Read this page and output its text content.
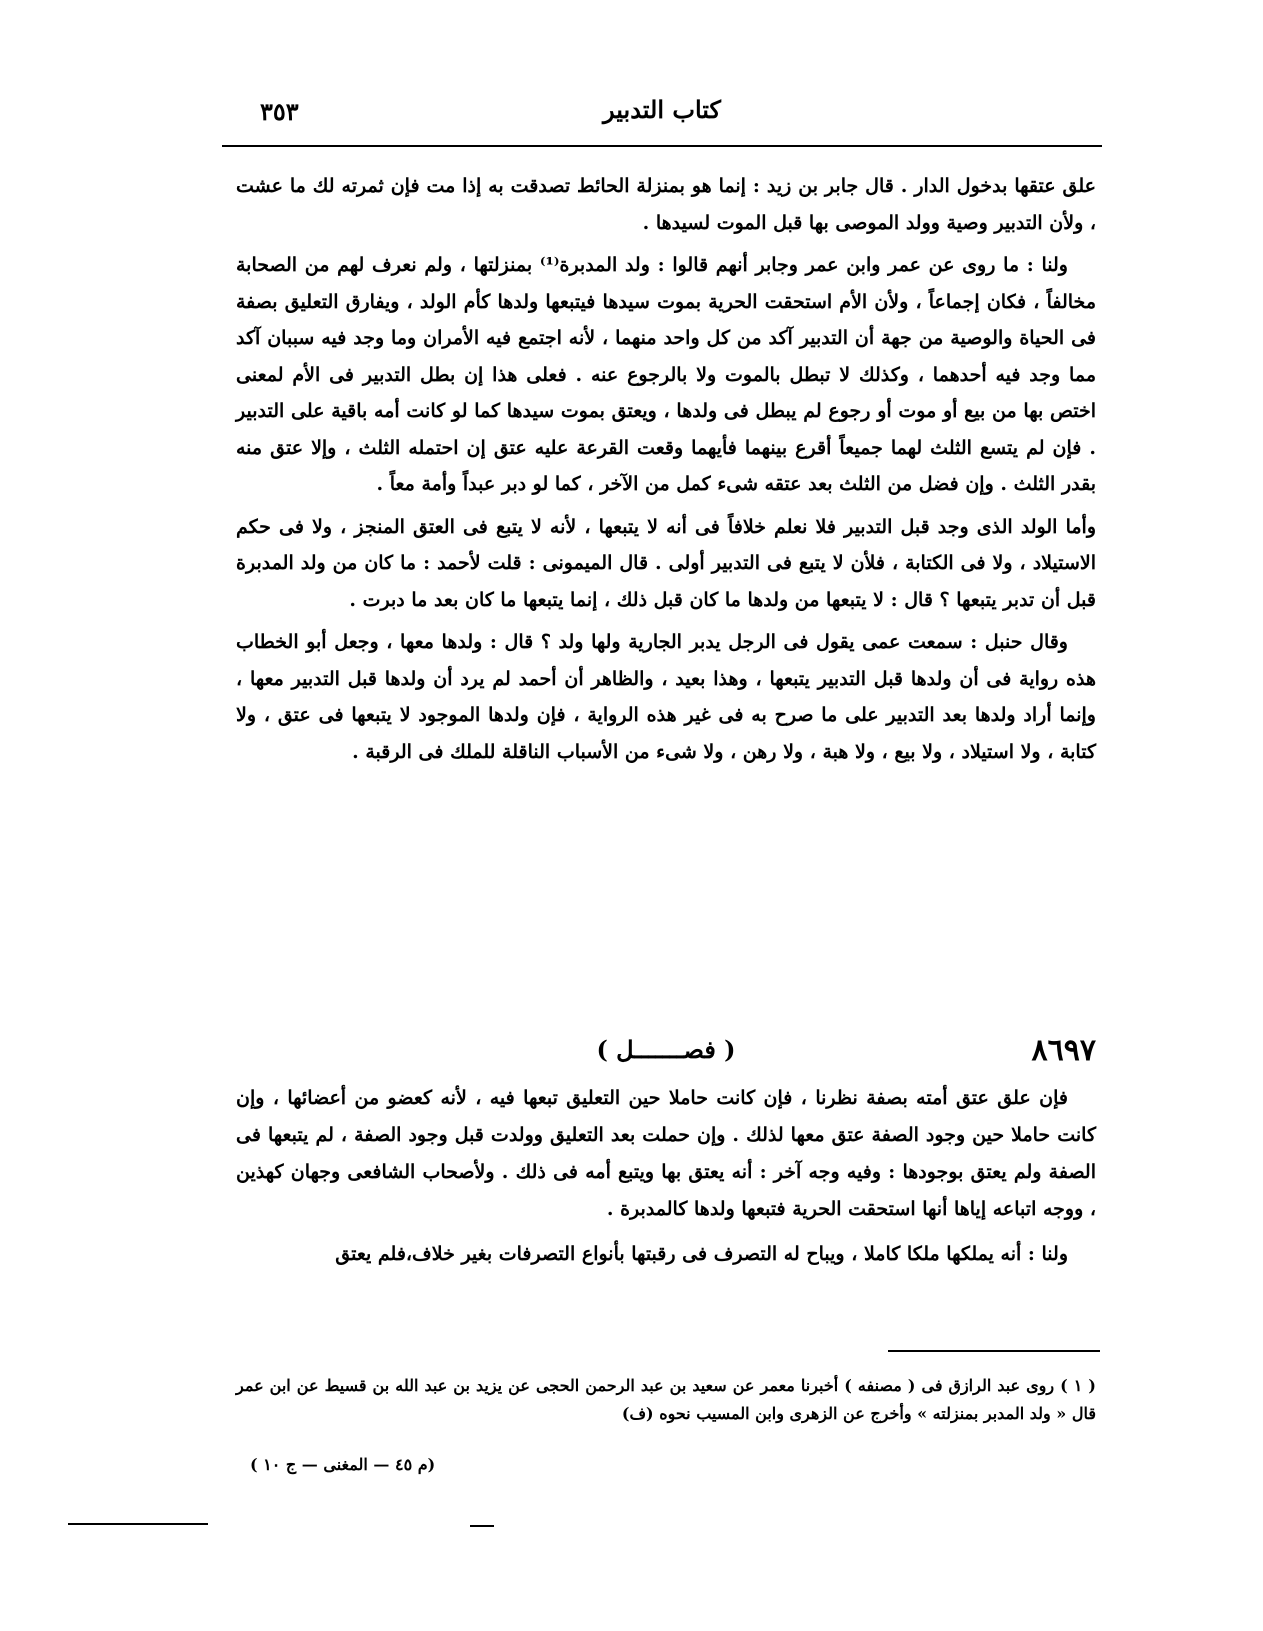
كتاب التدبير
٣٥٣

علق عتقها بدخول الدار . قال جابر بن زيد : إنما هو بمنزلة الحائط تصدقت به إذا مت فإن ثمرته لك ما عشت ، ولأن التدبير وصية وولد الموصى بها قبل الموت لسيدها .

ولنا : ما روى عن عمر وابن عمر وجابر أنهم قالوا : ولد المدبرة⁽¹⁾ بمنزلتها ، ولم نعرف لهم من الصحابة مخالفاً ، فكان إجماعاً ، ولأن الأم استحقت الحرية بموت سيدها فيتبعها ولدها كأم الولد ، ويفارق التعليق بصفة فى الحياة والوصية من جهة أن التدبير آكد من كل واحد منهما ، لأنه اجتمع فيه الأمران وما وجد فيه سببان آكد مما وجد فيه أحدهما ، وكذلك لا تبطل بالموت ولا بالرجوع عنه . فعلى هذا إن بطل التدبير فى الأم لمعنى اختص بها من بيع أو موت أو رجوع لم يبطل فى ولدها ، ويعتق بموت سيدها كما لو كانت أمه باقية على التدبير . فإن لم يتسع الثلث لهما جميعاً أقرع بينهما فأيهما وقعت القرعة عليه عتق إن احتمله الثلث ، وإلا عتق منه بقدر الثلث . وإن فضل من الثلث بعد عتقه شىء كمل من الآخر ، كما لو دبر عبداً وأمة معاً .

وأما الولد الذى وجد قبل التدبير فلا نعلم خلافاً فى أنه لا يتبعها ، لأنه لا يتبع فى العتق المنجز ، ولا فى حكم الاستيلاد ، ولا فى الكتابة ، فلأن لا يتبع فى التدبير أولى . قال الميمونى : قلت لأحمد : ما كان من ولد المدبرة قبل أن تدبر يتبعها ؟ قال : لا يتبعها من ولدها ما كان قبل ذلك ، إنما يتبعها ما كان بعد ما دبرت .

وقال حنبل : سمعت عمى يقول فى الرجل يدبر الجارية ولها ولد ؟ قال : ولدها معها ، وجعل أبو الخطاب هذه رواية فى أن ولدها قبل التدبير يتبعها ، وهذا بعيد ، والظاهر أن أحمد لم يرد أن ولدها قبل التدبير معها ، وإنما أراد ولدها بعد التدبير على ما صرح به فى غير هذه الرواية ، فإن ولدها الموجود لا يتبعها فى عتق ، ولا كتابة ، ولا استيلاد ، ولا بيع ، ولا هبة ، ولا رهن ، ولا شىء من الأسباب الناقلة للملك فى الرقبة .

٨٦٩٧
( فصـــــــل )

فإن علق عتق أمته بصفة نظرنا ، فإن كانت حاملا حين التعليق تبعها فيه ، لأنه كعضو من أعضائها ، وإن كانت حاملا حين وجود الصفة عتق معها لذلك . وإن حملت بعد التعليق وولدت قبل وجود الصفة ، لم يتبعها فى الصفة ولم يعتق بوجودها : وفيه وجه آخر : أنه يعتق بها ويتبع أمه فى ذلك . ولأصحاب الشافعى وجهان كهذين ، ووجه اتباعه إياها أنها استحقت الحرية فتبعها ولدها كالمدبرة .

ولنا : أنه يملكها ملكا كاملا ، ويباح له التصرف فى رقبتها بأنواع التصرفات بغير خلاف،فلم يعتق

( ١ ) روى عبد الرازق فى ( مصنفه ) أخبرنا معمر عن سعيد بن عبد الرحمن الحجى عن يزيد بن عبد الله بن قسيط عن ابن عمر قال « ولد المدبر بمنزلته » وأخرج عن الزهرى وابن المسيب نحوه (ف)

(م ٤٥ — المغنى — ج ١٠ )
